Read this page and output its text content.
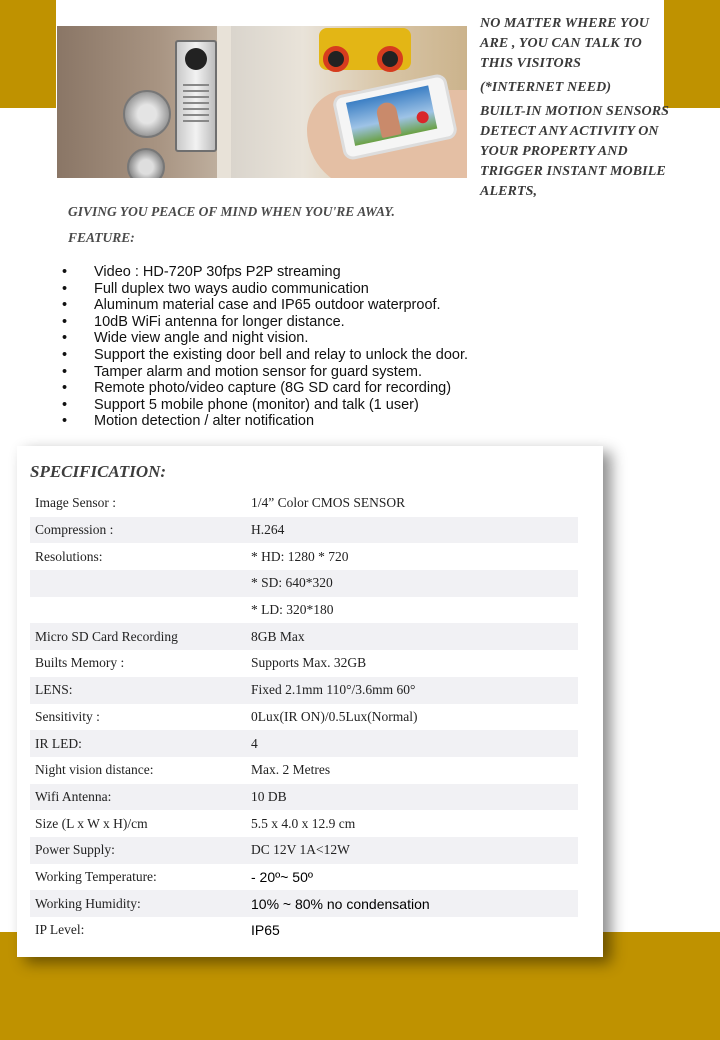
NO MATTER WHERE YOU ARE , YOU CAN TALK TO THIS VISITORS

(*INTERNET NEED)

BUILT-IN MOTION SENSORS DETECT ANY ACTIVITY ON YOUR PROPERTY AND TRIGGER INSTANT MOBILE ALERTS,

GIVING YOU PEACE OF MIND WHEN YOU'RE AWAY.
FEATURE:
• Video : HD-720P 30fps P2P streaming
• Full duplex two ways audio communication
• Aluminum material case and IP65 outdoor waterproof.
• 10dB WiFi antenna for longer distance.
• Wide view angle and night vision.
• Support the existing door bell and relay to unlock the door.
• Tamper alarm and motion sensor for guard system.
• Remote photo/video capture (8G SD card for recording)
• Support 5 mobile phone (monitor) and talk (1 user)
• Motion detection / alter notification
SPECIFICATION:
Image Sensor :	1/4” Color CMOS SENSOR
Compression :	H.264
Resolutions:	* HD: 1280 * 720
	* SD: 640*320
	* LD: 320*180
Micro SD Card Recording	8GB Max
Builts Memory :	Supports Max. 32GB
LENS:	Fixed 2.1mm 110°/3.6mm 60°
Sensitivity :	0Lux(IR ON)/0.5Lux(Normal)
IR LED:	4
Night vision distance:	Max. 2 Metres
Wifi Antenna:	10 DB
Size (L x W x H)/cm	5.5 x 4.0 x 12.9 cm
Power Supply:	DC 12V 1A<12W
Working Temperature:	- 20º~ 50º
Working Humidity:	10% ~ 80% no condensation
IP Level:	IP65
